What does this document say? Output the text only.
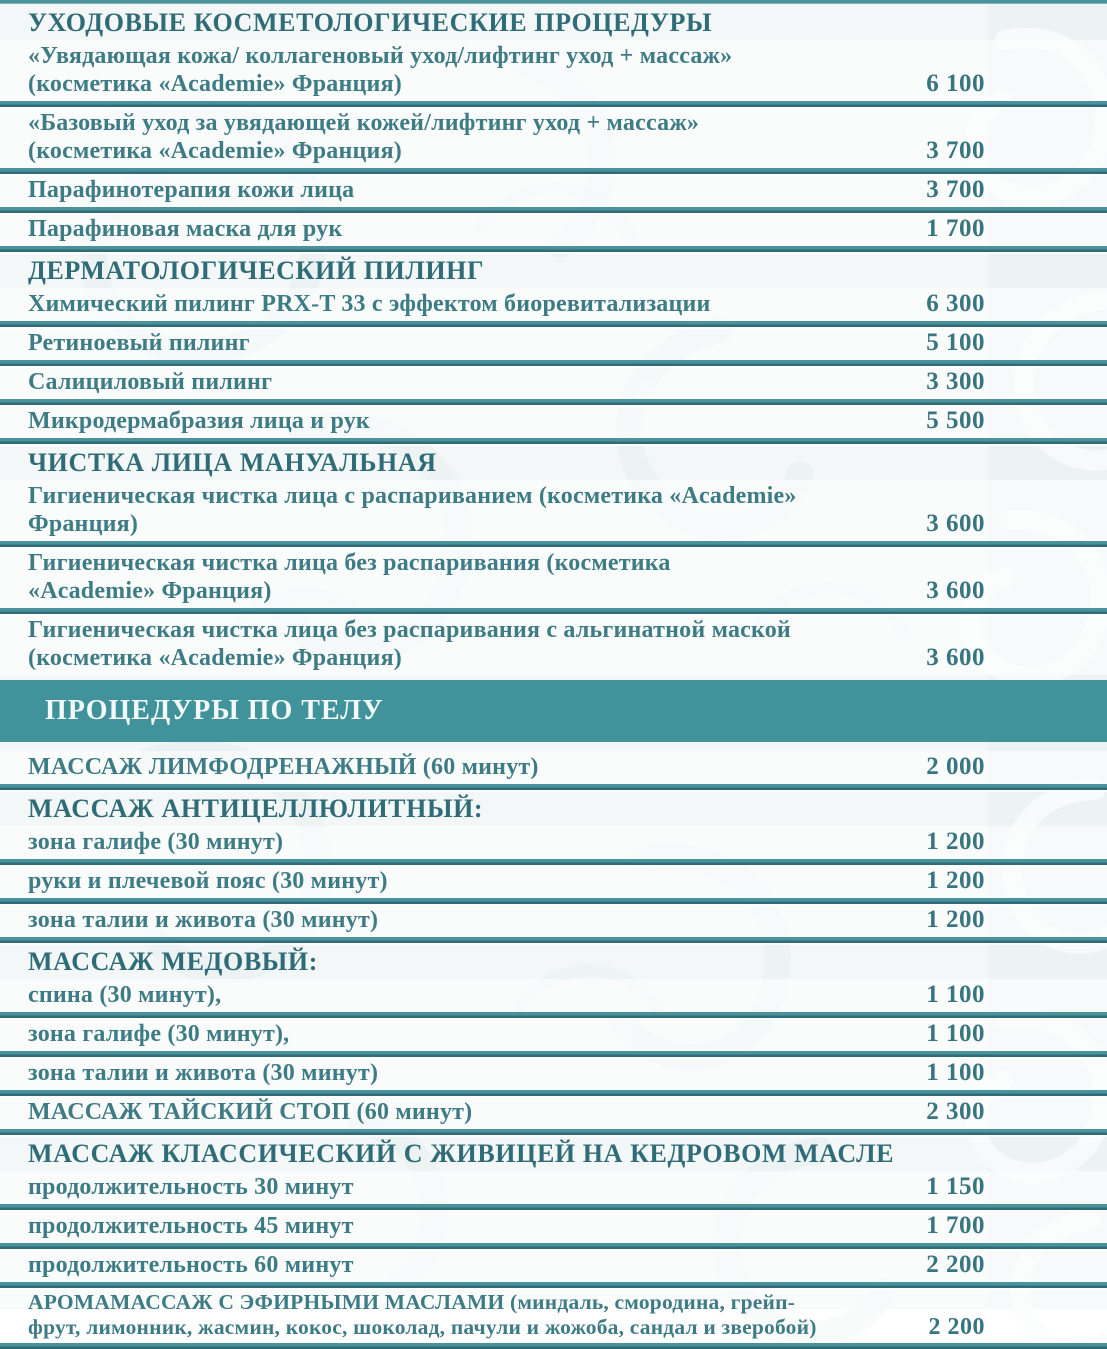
УХОДОВЫЕ КОСМЕТОЛОГИЧЕСКИЕ ПРОЦЕДУРЫ
«Увядающая кожа/ коллагеновый уход/лифтинг уход + массаж»
(косметика «Academie» Франция)	6 100
«Базовый уход за увядающей кожей/лифтинг уход + массаж»
(косметика «Academie» Франция)	3 700
Парафинотерапия кожи лица	3 700
Парафиновая маска для рук	1 700
ДЕРМАТОЛОГИЧЕСКИЙ ПИЛИНГ
Химический пилинг PRX-T 33 с эффектом биоревитализации	6 300
Ретиноевый пилинг	5 100
Салициловый пилинг	3 300
Микродермабразия лица и рук	5 500
ЧИСТКА ЛИЦА МАНУАЛЬНАЯ
Гигиеническая чистка лица с распариванием (косметика «Academie»
Франция)	3 600
Гигиеническая чистка лица без распаривания (косметика
«Academie» Франция)	3 600
Гигиеническая чистка лица без распаривания с альгинатной маской
(косметика «Academie» Франция)	3 600
ПРОЦЕДУРЫ ПО ТЕЛУ
МАССАЖ ЛИМФОДРЕНАЖНЫЙ (60 минут)	2 000
МАССАЖ АНТИЦЕЛЛЮЛИТНЫЙ:
зона галифе (30 минут)	1 200
руки и плечевой пояс (30 минут)	1 200
зона талии и живота (30 минут)	1 200
МАССАЖ МЕДОВЫЙ:
спина (30 минут),	1 100
зона галифе (30 минут),	1 100
зона талии и живота (30 минут)	1 100
МАССАЖ ТАЙСКИЙ СТОП (60 минут)	2 300
МАССАЖ КЛАССИЧЕСКИЙ С ЖИВИЦЕЙ НА КЕДРОВОМ МАСЛЕ
продолжительность 30 минут	1 150
продолжительность 45 минут	1 700
продолжительность 60 минут	2 200
АРОМАМАССАЖ С ЭФИРНЫМИ МАСЛАМИ (миндаль, смородина, грейп-
фрут, лимонник, жасмин, кокос, шоколад, пачули и жожоба, сандал и зверобой)	2 200
